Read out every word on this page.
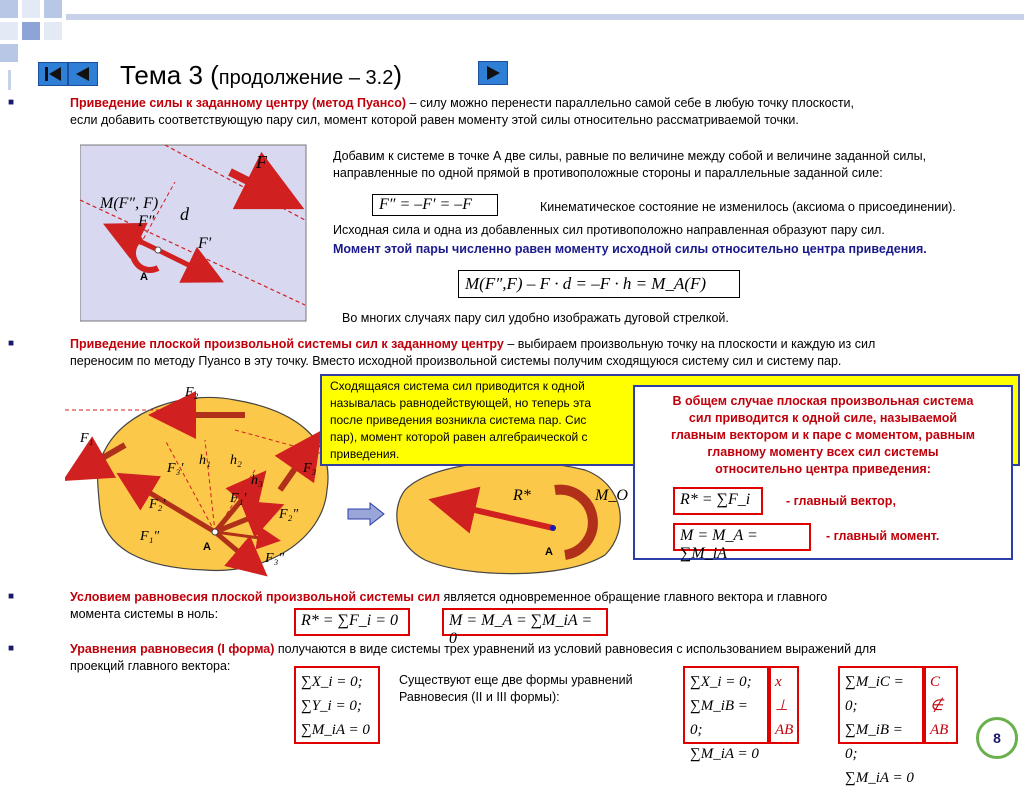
Тема 3 (продолжение – 3.2)
■	Приведение силы к заданному центру (метод Пуансо) – силу можно перенести параллельно самой себе в любую точку плоскости,
если добавить соответствующую пару сил, момент которой равен моменту этой силы относительно рассматриваемой точки.
F
M(F″, F)
F″ d
F′
A
Добавим к системе в точке А две силы, равные по величине между собой и величине заданной силы,
направленные по одной прямой в противоположные стороны и параллельные заданной силе:
F″ = –F′ = –F	Кинематическое состояние не изменилось (аксиома о присоединении).
Исходная сила и одна из добавленных сил противоположно направленная образуют пару сил.
Момент этой пары численно равен моменту исходной силы относительно центра приведения.
M(F″,F) – F · d = –F · h = M_A(F)
Во многих случаях пару сил удобно изображать дуговой стрелкой.
■	Приведение плоской произвольной системы сил к заданному центру – выбираем произвольную точку на плоскости и каждую из сил
переносим по методу Пуансо в эту точку. Вместо исходной произвольной системы получим сходящуюся систему сил и систему пар.
F₂
F₁
F₃
F₃′
h₁ h₂
h₃
F₁′
F₂′
F₂″
F₁″
F₃″
A
R*	M_O
A
Сходящаяся система сил приводится к одной
называлась равнодействующей, но теперь эта
после приведения возникла система пар. Сис
пар), момент которой равен алгебраической с
приведения.
В общем случае плоская произвольная система
сил приводится к одной силе, называемой
главным вектором и к паре с моментом, равным
главному моменту всех сил системы
относительно центра приведения:
R* = ∑F_i	- главный вектор,
M = M_A = ∑M_iA
- главный момент.
■	Условием равновесия плоской произвольной системы сил является одновременное обращение главного вектора и главного
момента системы в ноль:	R* = ∑F_i = 0	M = M_A = ∑M_iA = 0
■	Уравнения равновесия (I форма) получаются в виде системы трех уравнений из условий равновесия с использованием выражений для
проекций главного вектора:
∑X_i = 0;
∑Y_i = 0;
∑M_iA = 0
Существуют еще две формы уравнений
Равновесия (II и III формы):
∑X_i = 0;
∑M_iB = 0;
∑M_iA = 0
x
⊥
AB
∑M_iC = 0;
∑M_iB = 0;
∑M_iA = 0
C
∉
AB	8
